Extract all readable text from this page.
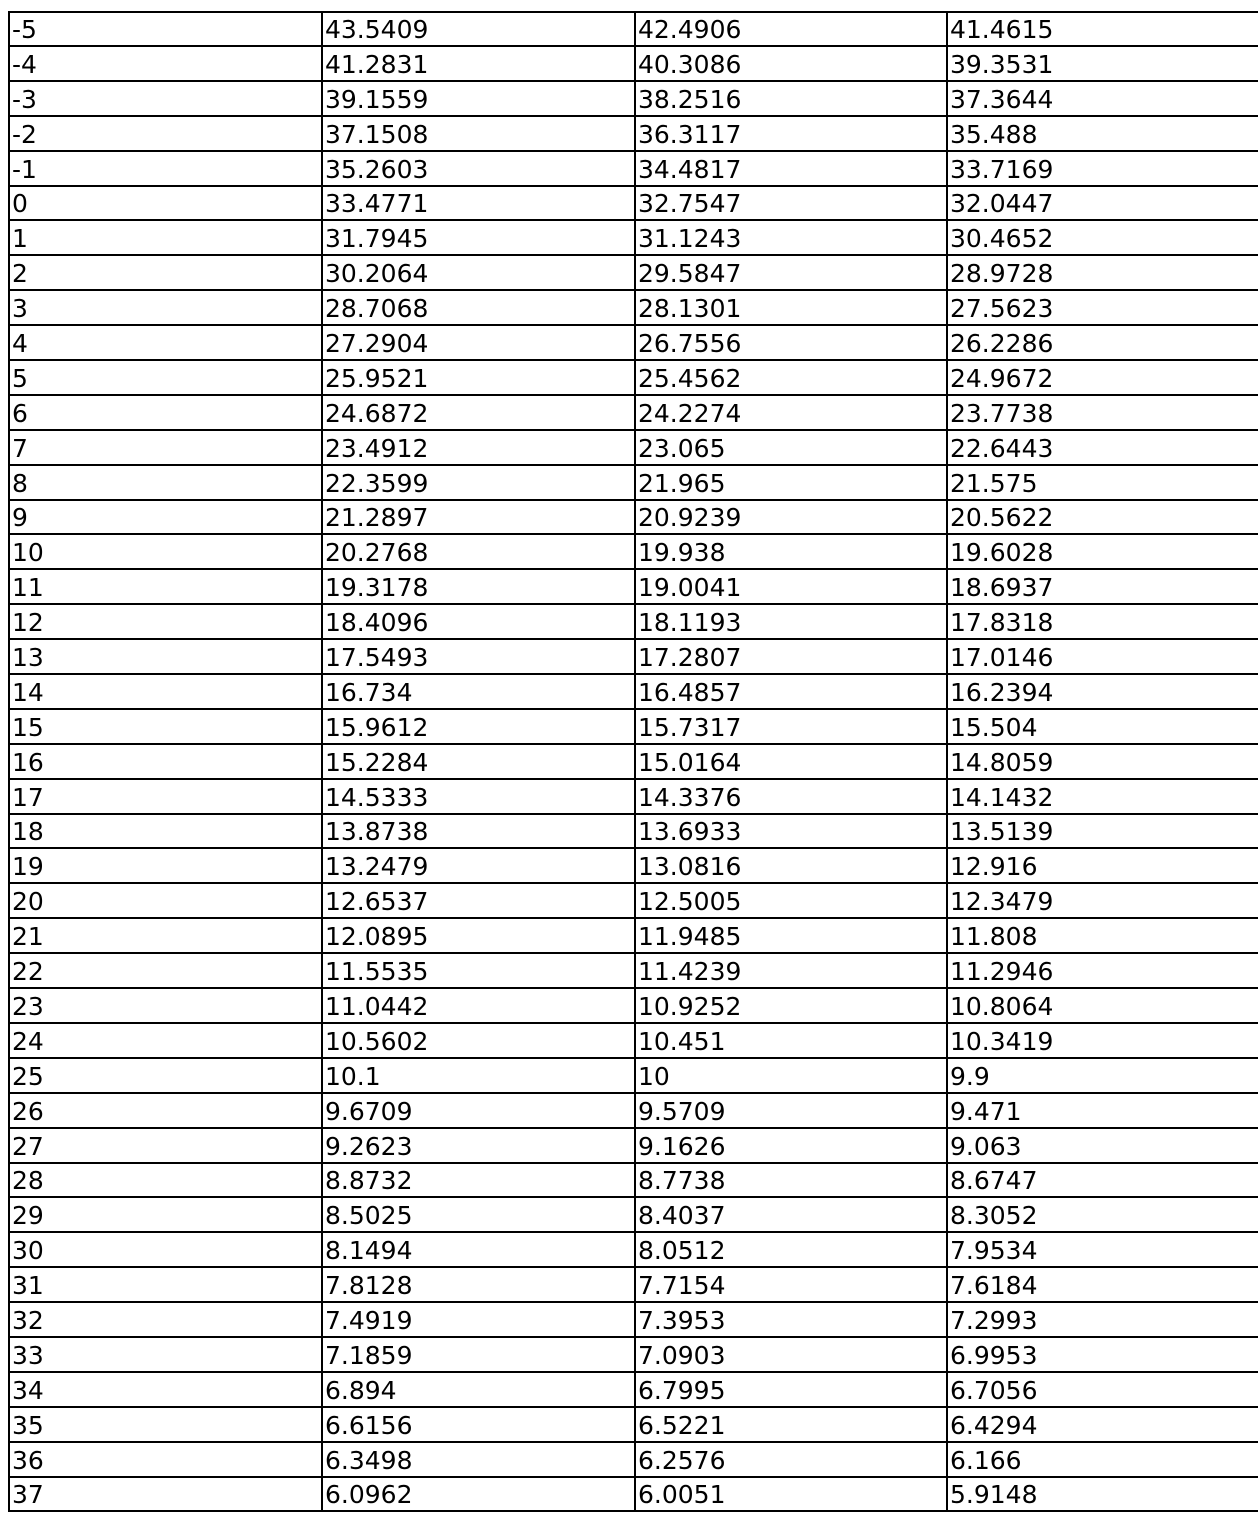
-5	43.5409	42.4906	41.4615
-4	41.2831	40.3086	39.3531
-3	39.1559	38.2516	37.3644
-2	37.1508	36.3117	35.488
-1	35.2603	34.4817	33.7169
0	33.4771	32.7547	32.0447
1	31.7945	31.1243	30.4652
2	30.2064	29.5847	28.9728
3	28.7068	28.1301	27.5623
4	27.2904	26.7556	26.2286
5	25.9521	25.4562	24.9672
6	24.6872	24.2274	23.7738
7	23.4912	23.065	22.6443
8	22.3599	21.965	21.575
9	21.2897	20.9239	20.5622
10	20.2768	19.938	19.6028
11	19.3178	19.0041	18.6937
12	18.4096	18.1193	17.8318
13	17.5493	17.2807	17.0146
14	16.734	16.4857	16.2394
15	15.9612	15.7317	15.504
16	15.2284	15.0164	14.8059
17	14.5333	14.3376	14.1432
18	13.8738	13.6933	13.5139
19	13.2479	13.0816	12.916
20	12.6537	12.5005	12.3479
21	12.0895	11.9485	11.808
22	11.5535	11.4239	11.2946
23	11.0442	10.9252	10.8064
24	10.5602	10.451	10.3419
25	10.1	10	9.9
26	9.6709	9.5709	9.471
27	9.2623	9.1626	9.063
28	8.8732	8.7738	8.6747
29	8.5025	8.4037	8.3052
30	8.1494	8.0512	7.9534
31	7.8128	7.7154	7.6184
32	7.4919	7.3953	7.2993
33	7.1859	7.0903	6.9953
34	6.894	6.7995	6.7056
35	6.6156	6.5221	6.4294
36	6.3498	6.2576	6.166
37	6.0962	6.0051	5.9148
